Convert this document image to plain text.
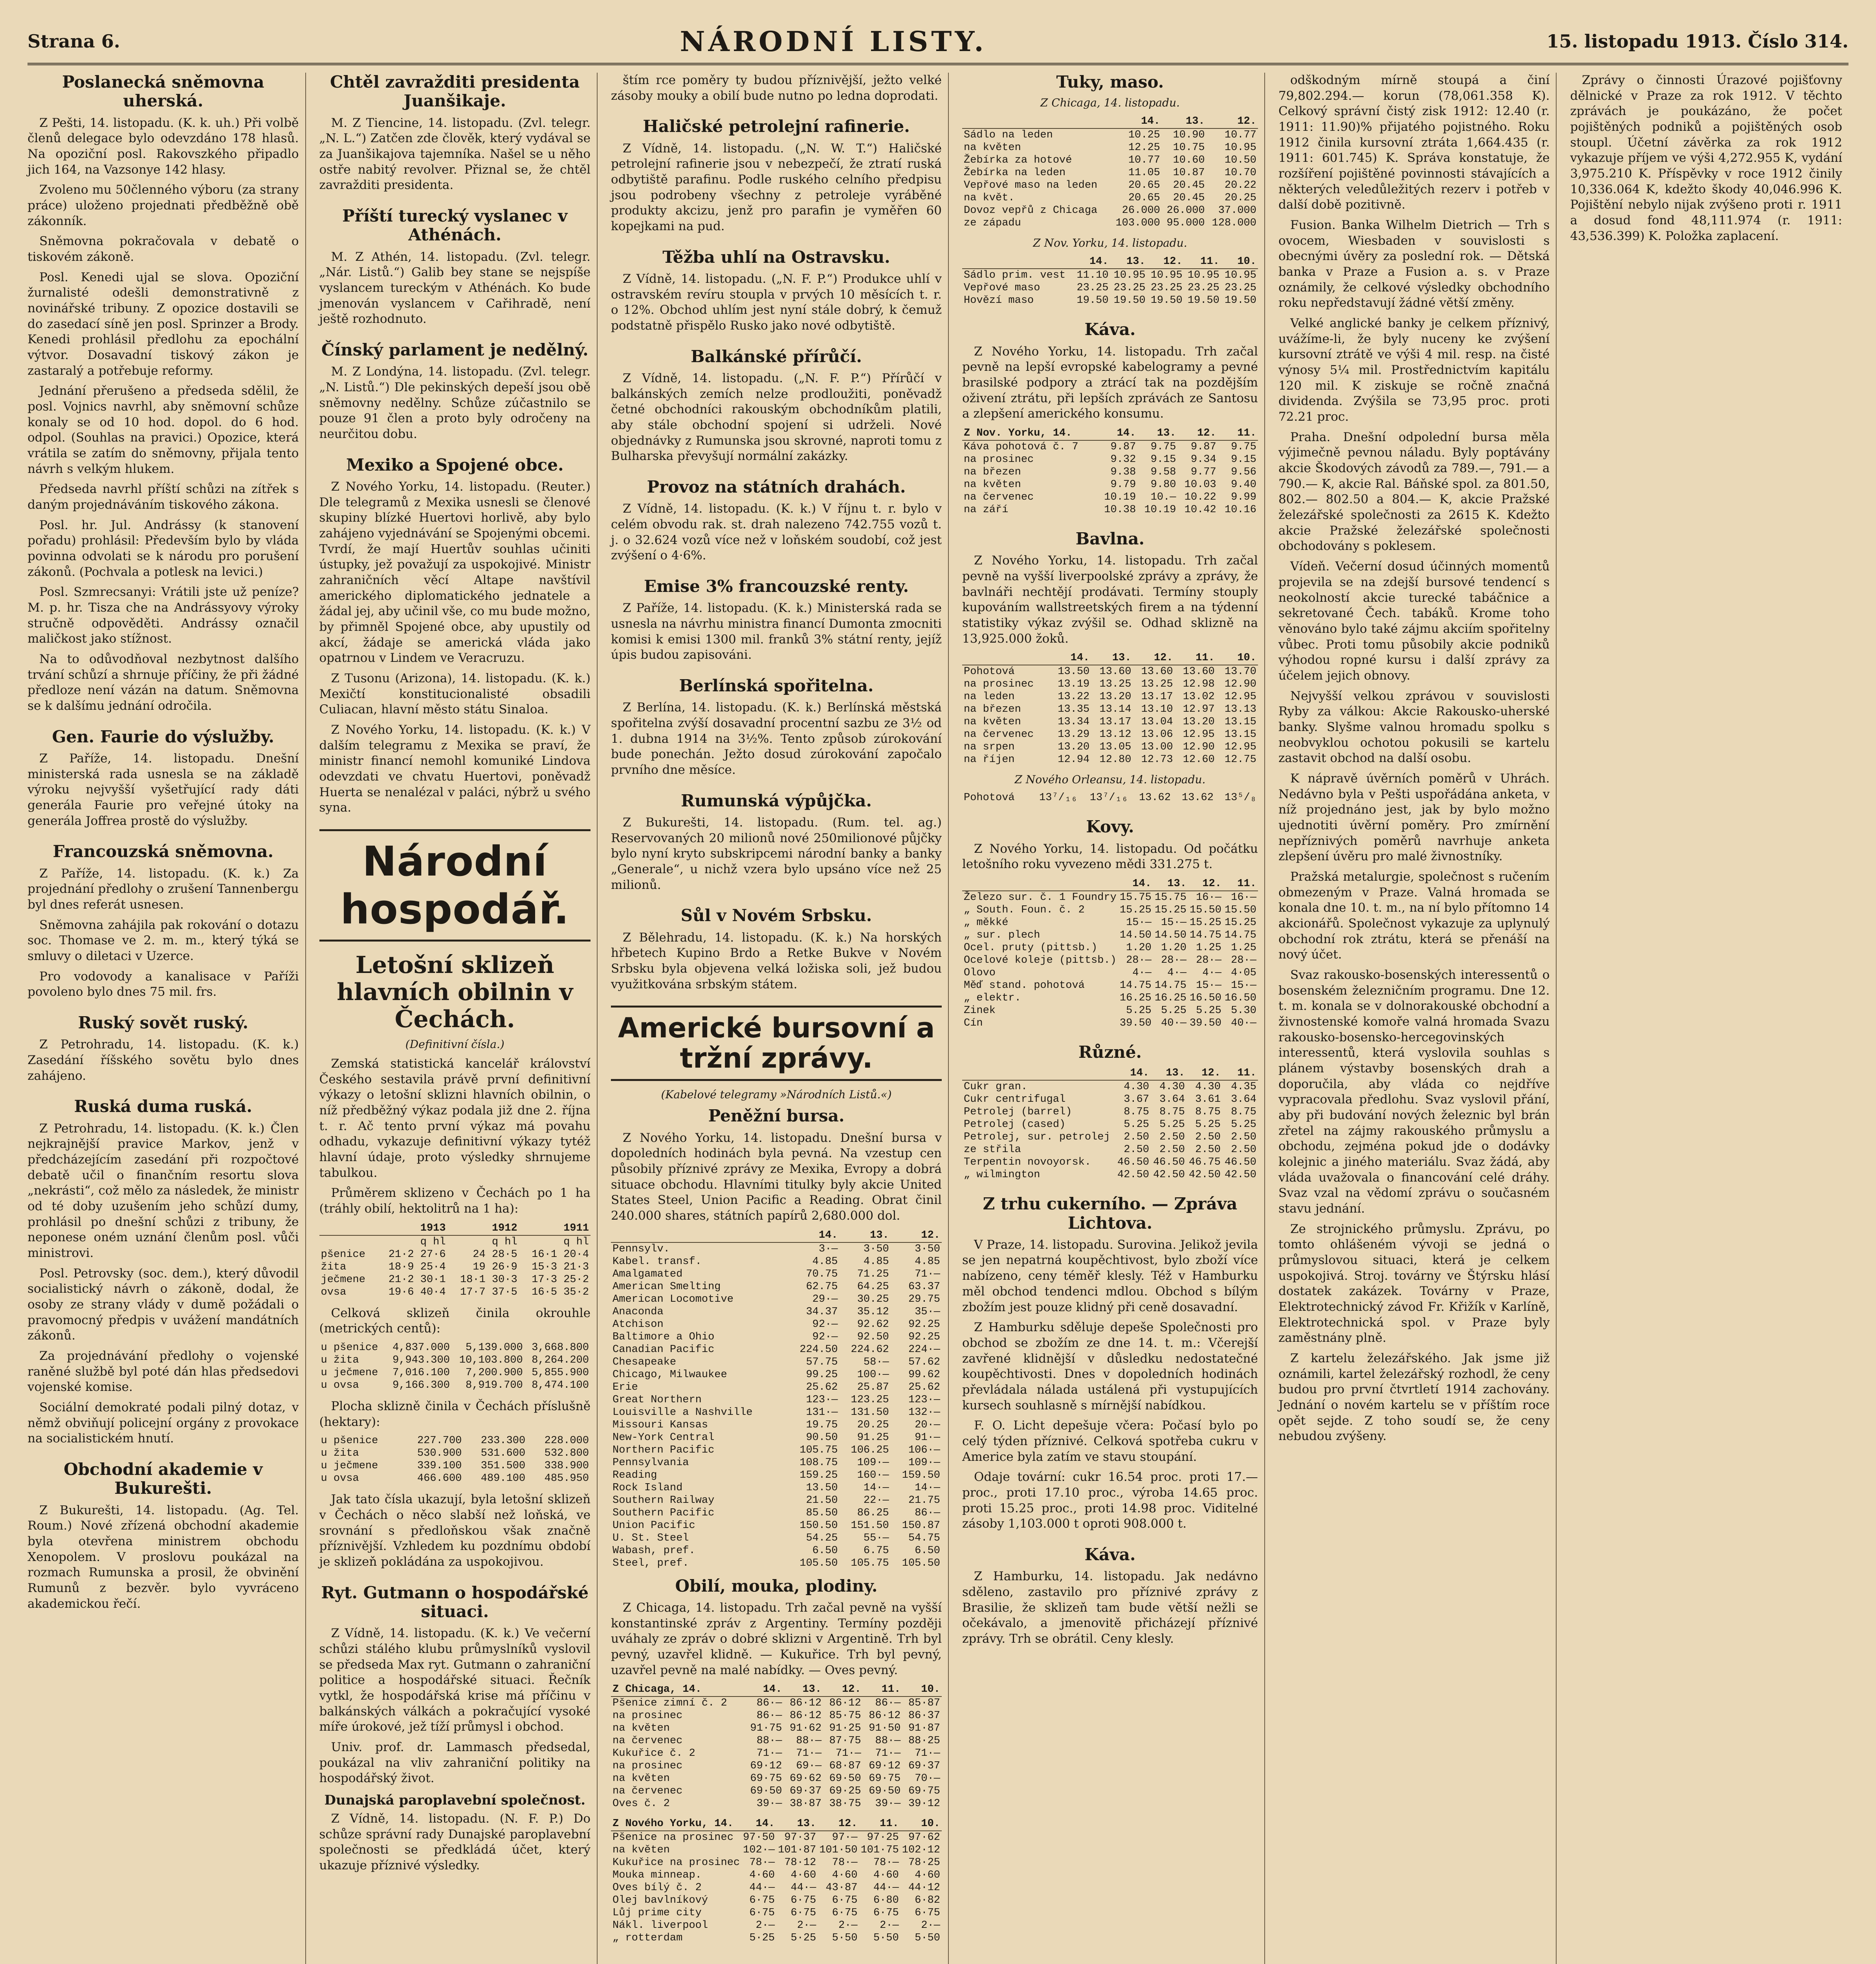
Strana 6.	NÁRODNÍ LISTY.	15. listopadu 1913. Číslo 314.
Poslanecká sněmovna uherská.

Z Pešti, 14. listopadu. (K. k. uh.) Při volbě členů delegace bylo odevzdáno 178 hlasů. Na opoziční posl. Rakovszkého připadlo jich 164, na Vazsonye 142 hlasy.

Zvoleno mu 50členného výboru (za strany práce) uloženo projednati předběžně obě zákonník.

Sněmovna pokračovala v debatě o tiskovém zákoně.

Posl. Kenedi ujal se slova. Opoziční žurnalisté odešli demonstrativně z novinářské tribuny. Z opozice dostavili se do zasedací síně jen posl. Sprinzer a Brody. Kenedi prohlásil předlohu za epochální výtvor. Dosavadní tiskový zákon je zastaralý a potřebuje reformy.

Jednání přerušeno a předseda sdělil, že posl. Vojnics navrhl, aby sněmovní schůze konaly se od 10 hod. dopol. do 6 hod. odpol. (Souhlas na pravici.) Opozice, která vrátila se zatím do sněmovny, přijala tento návrh s velkým hlukem.

Předseda navrhl příští schůzi na zítřek s daným projednáváním tiskového zákona.

Posl. hr. Jul. Andrássy (k stanovení pořadu) prohlásil: Především bylo by vláda povinna odvolati se k národu pro porušení zákonů. (Pochvala a potlesk na levici.)

Posl. Szmrecsanyi: Vrátili jste už peníze? M. p. hr. Tisza che na Andrássyovy výroky stručně odpověděti. Andrássy označil maličkost jako stížnost.

Na to odůvodňoval nezbytnost dalšího trvání schůzí a shrnuje příčiny, že při žádné předloze není vázán na datum. Sněmovna se k dalšímu jednání odročila.

Gen. Faurie do výslužby.

Z Paříže, 14. listopadu. Dnešní ministerská rada usnesla se na základě výroku nejvyšší vyšetřující rady dáti generála Faurie pro veřejné útoky na generála Joffrea prostě do výslužby.

Francouzská sněmovna.

Z Paříže, 14. listopadu. (K. k.) Za projednání předlohy o zrušení Tannenbergu byl dnes referát usnesen.

Sněmovna zahájila pak rokování o dotazu soc. Thomase ve 2. m. m., který týká se smluvy o diletaci v Uzerce.

Pro vodovody a kanalisace v Paříži povoleno bylo dnes 75 mil. frs.

Ruský sovět ruský.

Z Petrohradu, 14. listopadu. (K. k.) Zasedání říšského sovětu bylo dnes zahájeno.

Ruská duma ruská.

Z Petrohradu, 14. listopadu. (K. k.) Člen nejkrajnější pravice Markov, jenž v předcházejícím zasedání při rozpočtové debatě učil o finančním resortu slova „nekrásti“, což mělo za následek, že ministr od té doby uzušením jeho schůzí dumy, prohlásil po dnešní schůzi z tribuny, že neponese oném uznání členům posl. vůči ministrovi.

Posl. Petrovsky (soc. dem.), který důvodil socialistický návrh o zákoně, dodal, že osoby ze strany vlády v dumě požádali o pravomocný předpis v uvážení mandátních zákonů.

Za projednávání předlohy o vojenské raněné službě byl poté dán hlas předsedovi vojenské komise.

Sociální demokraté podali pilný dotaz, v němž obviňují policejní orgány z provokace na socialistickém hnutí.

Obchodní akademie v Bukurešti.

Z Bukurešti, 14. listopadu. (Ag. Tel. Roum.) Nové zřízená obchodní akademie byla otevřena ministrem obchodu Xenopolem. V proslovu poukázal na rozmach Rumunska a prosil, že obvinění Rumunů z bezvěr. bylo vyvráceno akademickou řečí.

Chtěl zavražditi presidenta Juanšikaje.

M. Z Tiencine, 14. listopadu. (Zvl. telegr. „N. L.“) Zatčen zde člověk, který vydával se za Juanšikajova tajemníka. Našel se u něho ostře nabitý revolver. Přiznal se, že chtěl zavražditi presidenta.

Příští turecký vyslanec v Athénách.

M. Z Athén, 14. listopadu. (Zvl. telegr. „Nár. Listů.“) Galib bey stane se nejspíše vyslancem tureckým v Athénách. Ko bude jmenován vyslancem v Cařihradě, není ještě rozhodnuto.

Čínský parlament je nedělný.

M. Z Londýna, 14. listopadu. (Zvl. telegr. „N. Listů.“) Dle pekinských depeší jsou obě sněmovny nedělny. Schůze zúčastnilo se pouze 91 člen a proto byly odročeny na neurčitou dobu.

Mexiko a Spojené obce.

Z Nového Yorku, 14. listopadu. (Reuter.) Dle telegramů z Mexika usnesli se členové skupiny blízké Huertovi horlivě, aby bylo zahájeno vyjednávání se Spojenými obcemi. Tvrdí, že mají Huertův souhlas učiniti ústupky, jež považují za uspokojivé. Ministr zahraničních věcí Altape navštívil amerického diplomatického jednatele a žádal jej, aby učinil vše, co mu bude možno, by přimněl Spojené obce, aby upustily od akcí, žádaje se americká vláda jako opatrnou v Lindem ve Veracruzu.

Z Tusonu (Arizona), 14. listopadu. (K. k.) Mexičtí konstitucionalisté obsadili Culiacan, hlavní město státu Sinaloa.

Z Nového Yorku, 14. listopadu. (K. k.) V dalším telegramu z Mexika se praví, že ministr financí nemohl komuniké Lindova odevzdati ve chvatu Huertovi, poněvadž Huerta se nenalézal v paláci, nýbrž u svého syna.

Národní hospodář.
Letošní sklizeň hlavních obilnin v Čechách.
(Definitivní čísla.)

Zemská statistická kancelář království Českého sestavila právě první definitivní výkazy o letošní sklizni hlavních obilnin, o níž předběžný výkaz podala již dne 2. října t. r. Ač tento první výkaz má povahu odhadu, vykazuje definitivní výkazy tytéž hlavní údaje, proto výsledky shrnujeme tabulkou.

Průměrem sklizeno v Čechách po 1 ha (tráhly obilí, hektolitrů na 1 ha):

	1913	1912	1911
	q hl	q hl	q hl
pšenice	21·2 27·6	24 28·5	16·1 20·4
žita	18·9 25·4	19 26·9	15·3 21·3
ječmene	21·2 30·1	18·1 30·3	17·3 25·2
ovsa	19·6 40·4	17·7 37·5	16·5 35·2

Celková sklizeň činila okrouhle (metrických centů):

u pšenice	4,837.000	5,139.000	3,668.800
u žita	9,943.300	10,103.800	8,264.200
u ječmene	7,016.100	7,200.900	5,855.900
u ovsa	9,166.300	8,919.700	8,474.100

Plocha sklizně činila v Čechách příslušně (hektary):

u pšenice	227.700	233.300	228.000
u žita	530.900	531.600	532.800
u ječmene	339.100	351.500	338.900
u ovsa	466.600	489.100	485.950

Jak tato čísla ukazují, byla letošní sklizeň v Čechách o něco slabší než loňská, ve srovnání s předloňskou však značně příznivější. Vzhledem ku pozdnímu období je sklizeň pokládána za uspokojivou.

Ryt. Gutmann o hospodářské situaci.

Z Vídně, 14. listopadu. (K. k.) Ve večerní schůzi stálého klubu průmyslníků vyslovil se předseda Max ryt. Gutmann o zahraniční politice a hospodářské situaci. Řečník vytkl, že hospodářská krise má příčinu v balkánských válkách a pokračující vysoké míře úrokové, jež tíží průmysl i obchod.

Univ. prof. dr. Lammasch předsedal, poukázal na vliv zahraniční politiky na hospodářský život.

Dunajská paroplavební společnost.

Z Vídně, 14. listopadu. (N. F. P.) Do schůze správní rady Dunajské paroplavební společnosti se předkládá účet, který ukazuje příznivé výsledky.

štím rce poměry ty budou příznivější, ježto velké zásoby mouky a obilí bude nutno po ledna doprodati.

Haličské petrolejní rafinerie.

Z Vídně, 14. listopadu. („N. W. T.“) Haličské petrolejní rafinerie jsou v nebezpečí, že ztratí ruská odbytiště parafinu. Podle ruského celního předpisu jsou podrobeny všechny z petroleje vyráběné produkty akcizu, jenž pro parafin je vyměřen 60 kopejkami na pud.

Těžba uhlí na Ostravsku.

Z Vídně, 14. listopadu. („N. F. P.“) Produkce uhlí v ostravském revíru stoupla v prvých 10 měsících t. r. o 12%. Obchod uhlím jest nyní stále dobrý, k čemuž podstatně přispělo Rusko jako nové odbytiště.

Balkánské přírůčí.

Z Vídně, 14. listopadu. („N. F. P.“) Přírůčí v balkánských zemích nelze prodloužiti, poněvadž četné obchodníci rakouským obchodníkům platili, aby stále obchodní spojení si udrželi. Nové objednávky z Rumunska jsou skrovné, naproti tomu z Bulharska převyšují normální zakázky.

Provoz na státních drahách.

Z Vídně, 14. listopadu. (K. k.) V říjnu t. r. bylo v celém obvodu rak. st. drah nalezeno 742.755 vozů t. j. o 32.624 vozů více než v loňském soudobí, což jest zvýšení o 4·6%.

Emise 3% francouzské renty.

Z Paříže, 14. listopadu. (K. k.) Ministerská rada se usnesla na návrhu ministra financí Dumonta zmocniti komisi k emisi 1300 mil. franků 3% státní renty, jejíž úpis budou zapisováni.

Berlínská spořitelna.

Z Berlína, 14. listopadu. (K. k.) Berlínská městská spořitelna zvýší dosavadní procentní sazbu ze 3½ od 1. dubna 1914 na 3½%. Tento způsob zúrokování bude ponechán. Ježto dosud zúrokování započalo prvního dne měsíce.

Rumunská výpůjčka.

Z Bukurešti, 14. listopadu. (Rum. tel. ag.) Reservovaných 20 milionů nové 250milionové půjčky bylo nyní kryto subskripcemi národní banky a banky „Generale“, u nichž vzera bylo upsáno více než 25 milionů.

Sůl v Novém Srbsku.

Z Bělehradu, 14. listopadu. (K. k.) Na horských hřbetech Kupino Brdo a Retke Bukve v Novém Srbsku byla objevena velká ložiska soli, jež budou využitkována srbským státem.

Americké bursovní a tržní zprávy.
(Kabelové telegramy »Národních Listů.«)
Peněžní bursa.

Z Nového Yorku, 14. listopadu. Dnešní bursa v dopoledních hodinách byla pevná. Na vzestup cen působily příznivé zprávy ze Mexika, Evropy a dobrá situace obchodu. Hlavními titulky byly akcie United States Steel, Union Pacific a Reading. Obrat činil 240.000 shares, státních papírů 2,680.000 dol.

	14.	13.	12.
Pennsylv.	3·—	3·50	3·50
Kabel. transf.	4.85	4.85	4.85
Amalgamated	70.75	71.25	71·—
American Smelting	62.75	64.25	63.37
American Locomotive	29·—	30.25	29.75
Anaconda	34.37	35.12	35·—
Atchison	92·—	92.62	92.25
Baltimore a Ohio	92·—	92.50	92.25
Canadian Pacific	224.50	224.62	224·—
Chesapeake	57.75	58·—	57.62
Chicago, Milwaukee	99.25	100·—	99.62
Erie	25.62	25.87	25.62
Great Northern	123·—	123.25	123·—
Louisville a Nashville	131·—	131.50	132·—
Missouri Kansas	19.75	20.25	20·—
New-York Central	90.50	91.25	91·—
Northern Pacific	105.75	106.25	106·—
Pennsylvania	108.75	109·—	109·—
Reading	159.25	160·—	159.50
Rock Island	13.50	14·—	14·—
Southern Railway	21.50	22·—	21.75
Southern Pacific	85.50	86.25	86·—
Union Pacific	150.50	151.50	150.87
U. St. Steel	54.25	55·—	54.75
Wabash, pref.	6.50	6.75	6.50
Steel, pref.	105.50	105.75	105.50
Obilí, mouka, plodiny.

Z Chicaga, 14. listopadu. Trh začal pevně na vyšší konstantinské zpráv z Argentiny. Termíny později uváhaly ze zpráv o dobré sklizni v Argentině. Trh byl pevný, uzavřel klidně. — Kukuřice. Trh byl pevný, uzavřel pevně na malé nabídky. — Oves pevný.

Z Chicaga, 14.	14.	13.	12.	11.	10.
Pšenice zimní č. 2	86·—	86·12	86·12	86·—	85·87
na prosinec	86·—	86·12	85·75	86·12	86·37
na květen	91·75	91·62	91·25	91·50	91·87
na červenec	88·—	88·—	87·75	88·—	88·25
Kukuřice č. 2	71·—	71·—	71·—	71·—	71·—
na prosinec	69·12	69·—	68·87	69·12	69·37
na květen	69·75	69·62	69·50	69·75	70·—
na červenec	69·50	69·37	69·25	69·50	69·75
Oves č. 2	39·—	38·87	38·75	39·—	39·12
Z Nového Yorku, 14.	14.	13.	12.	11.	10.
Pšenice na prosinec	97·50	97·37	97·—	97·25	97·62
na květen	102·—	101·87	101·50	101·75	102·12
Kukuřice na prosinec	78·—	78·12	78·—	78·—	78·25
Mouka minneap.	4·60	4·60	4·60	4·60	4·60
Oves bílý č. 2	44·—	44·—	43·87	44·—	44·12
Olej bavlníkový	6·75	6·75	6·75	6·80	6·82
Lůj prime city	6·75	6·75	6·75	6·75	6·75
Nákl. liverpool	2·—	2·—	2·—	2·—	2·—
„ rotterdam	5·25	5·25	5·50	5·50	5·50
Tuky, maso.
Z Chicaga, 14. listopadu.
	14.	13.	12.
Sádlo na leden	10.25	10.90	10.77
na květen	12.25	10.75	10.95
Žebírka za hotové	10.77	10.60	10.50
Žebírka na leden	11.05	10.87	10.70
Vepřové maso na leden	20.65	20.45	20.22
na květ.	20.65	20.45	20.25
Dovoz vepřů z Chicaga	26.000	26.000	37.000
ze západu	103.000	95.000	128.000
Z Nov. Yorku, 14. listopadu.
	14.	13.	12.	11.	10.
Sádlo prim. vest	11.10	10.95	10.95	10.95	10.95
Vepřové maso	23.25	23.25	23.25	23.25	23.25
Hovězí maso	19.50	19.50	19.50	19.50	19.50
Káva.

Z Nového Yorku, 14. listopadu. Trh začal pevně na lepší evropské kabelogramy a pevné brasilské podpory a ztrácí tak na pozdějším oživení ztrátu, při lepších zprávách ze Santosu a zlepšení amerického konsumu.

Z Nov. Yorku, 14.	14.	13.	12.	11.
Káva pohotová č. 7	9.87	9.75	9.87	9.75
na prosinec	9.32	9.15	9.34	9.15
na březen	9.38	9.58	9.77	9.56
na květen	9.79	9.80	10.03	9.40
na červenec	10.19	10.—	10.22	9.99
na září	10.38	10.19	10.42	10.16
Bavlna.

Z Nového Yorku, 14. listopadu. Trh začal pevně na vyšší liverpoolské zprávy a zprávy, že bavlnáři nechtějí prodávati. Termíny stouply kupováním wallstreetských firem a na týdenní statistiky výkaz zvýšil se. Odhad sklizně na 13,925.000 žoků.

	14.	13.	12.	11.	10.
Pohotová	13.50	13.60	13.60	13.60	13.70
na prosinec	13.19	13.25	13.25	12.98	12.90
na leden	13.22	13.20	13.17	13.02	12.95
na březen	13.35	13.14	13.10	12.97	13.13
na květen	13.34	13.17	13.04	13.20	13.15
na červenec	13.29	13.12	13.06	12.95	13.15
na srpen	13.20	13.05	13.00	12.90	12.95
na říjen	12.94	12.80	12.73	12.60	12.75
Z Nového Orleansu, 14. listopadu.
Pohotová	13⁷/₁₆	13⁷/₁₆	13.62	13.62	13⁵/₈
Kovy.

Z Nového Yorku, 14. listopadu. Od počátku letošního roku vyvezeno mědi 331.275 t.

	14.	13.	12.	11.
Železo sur. č. 1 Foundry	15.75	15.75	16·—	16·—
„ South. Foun. č. 2	15.25	15.25	15.50	15.50
„ měkké	15·—	15·—	15.25	15.25
„ sur. plech	14.50	14.50	14.75	14.75
Ocel. pruty (pittsb.)	1.20	1.20	1.25	1.25
Ocelové koleje (pittsb.)	28·—	28·—	28·—	28·—
Olovo	4·—	4·—	4·—	4·05
Měď stand. pohotová	14.75	14.75	15·—	15·—
„ elektr.	16.25	16.25	16.50	16.50
Zinek	5.25	5.25	5.25	5.30
Cín	39.50	40·—	39.50	40·—
Různé.
	14.	13.	12.	11.
Cukr gran.	4.30	4.30	4.30	4.35
Cukr centrifugal	3.67	3.64	3.61	3.64
Petrolej (barrel)	8.75	8.75	8.75	8.75
Petrolej (cased)	5.25	5.25	5.25	5.25
Petrolej, sur. petrolej	2.50	2.50	2.50	2.50
ze střila	2.50	2.50	2.50	2.50
Terpentin novoyorsk.	46.50	46.50	46.75	46.50
„ wilmington	42.50	42.50	42.50	42.50
Z trhu cukerního. — Zpráva Lichtova.

V Praze, 14. listopadu. Surovina. Jelikož jevila se jen nepatrná koupěchtivost, bylo zboží více nabízeno, ceny téměř klesly. Též v Hamburku měl obchod tendenci mdlou. Obchod s bílým zbožím jest pouze klidný při ceně dosavadní.

Z Hamburku sděluje depeše Společnosti pro obchod se zbožím ze dne 14. t. m.: Včerejší zavřené klidnější v důsledku nedostatečné koupěchtivosti. Dnes v dopoledních hodinách převládala nálada ustálená při vystupujících kursech souhlasně s mírnější nabídkou.

F. O. Licht depešuje včera: Počasí bylo po celý týden příznivé. Celková spotřeba cukru v Americe byla zatím ve stavu stoupání.

Odaje tovární: cukr 16.54 proc. proti 17.— proc., proti 17.10 proc., výroba 14.65 proc. proti 15.25 proc., proti 14.98 proc. Viditelné zásoby 1,103.000 t oproti 908.000 t.

Káva.

Z Hamburku, 14. listopadu. Jak nedávno sděleno, zastavilo pro příznivé zprávy z Brasilie, že sklizeň tam bude větší nežli se očekávalo, a jmenovitě přicházejí příznivé zprávy. Trh se obrátil. Ceny klesly.

odškodným mírně stoupá a činí 79,802.294.— korun (78,061.358 K). Celkový správní čistý zisk 1912: 12.40 (r. 1911: 11.90)% přijatého pojistného. Roku 1912 činila kursovní ztráta 1,664.435 (r. 1911: 601.745) K. Správa konstatuje, že rozšíření pojištěné povinnosti stávajících a některých veledůležitých rezerv i potřeb v další době pozitivně.

Fusion. Banka Wilhelm Dietrich — Trh s ovocem, Wiesbaden v souvislosti s obecnými úvěry za poslední rok. — Dětská banka v Praze a Fusion a. s. v Praze oznámily, že celkové výsledky obchodního roku nepředstavují žádné větší změny.

Velké anglické banky je celkem příznivý, uvážíme-li, že byly nuceny ke zvýšení kursovní ztrátě ve výši 4 mil. resp. na čisté výnosy 5¼ mil. Prostřednictvím kapitálu 120 mil. K ziskuje se ročně značná dividenda. Zvýšila se 73,95 proc. proti 72.21 proc.

Praha. Dnešní odpolední bursa měla výjimečně pevnou náladu. Byly poptávány akcie Škodových závodů za 789.—, 791.— a 790.— K, akcie Ral. Báňské spol. za 801.50, 802.— 802.50 a 804.— K, akcie Pražské železářské společnosti za 2615 K. Kdežto akcie Pražské železářské společnosti obchodovány s poklesem.

Vídeň. Večerní dosud účinných momentů projevila se na zdejší bursové tendencí s neokolností akcie turecké tabáčnice a sekretované Čech. tabáků. Krome toho věnováno bylo také zájmu akciím spořitelny vůbec. Proti tomu působily akcie podniků výhodou ropné kursu i další zprávy za účelem jejich obnovy.

Nejvyšší velkou zprávou v souvislosti Ryby za válkou: Akcie Rakousko-uherské banky. Slyšme valnou hromadu spolku s neobvyklou ochotou pokusili se kartelu zastavit obchod na další osobu.

K nápravě úvěrních poměrů v Uhrách. Nedávno byla v Pešti uspořádána anketa, v níž projednáno jest, jak by bylo možno ujednotiti úvěrní poměry. Pro zmírnění nepříznivých poměrů navrhuje anketa zlepšení úvěru pro malé živnostníky.

Pražská metalurgie, společnost s ručením obmezeným v Praze. Valná hromada se konala dne 10. t. m., na ní bylo přítomno 14 akcionářů. Společnost vykazuje za uplynulý obchodní rok ztrátu, která se přenáší na nový účet.

Svaz rakousko-bosenských interessentů o bosenském železničním programu. Dne 12. t. m. konala se v dolnorakouské obchodní a živnostenské komoře valná hromada Svazu rakousko-bosensko-hercegovinských interessentů, která vyslovila souhlas s plánem výstavby bosenských drah a doporučila, aby vláda co nejdříve vypracovala předlohu. Svaz vyslovil přání, aby při budování nových železnic byl brán zřetel na zájmy rakouského průmyslu a obchodu, zejména pokud jde o dodávky kolejnic a jiného materiálu. Svaz žádá, aby vláda uvažovala o financování celé dráhy. Svaz vzal na vědomí zprávu o současném stavu jednání.

Ze strojnického průmyslu. Zprávu, po tomto ohlášeném vývoji se jedná o průmyslovou situaci, která je celkem uspokojivá. Stroj. továrny ve Štýrsku hlásí dostatek zakázek. Továrny v Praze, Elektrotechnický závod Fr. Křižík v Karlíně, Elektrotechnická spol. v Praze byly zaměstnány plně.

Z kartelu železářského. Jak jsme již oznámili, kartel železářský rozhodl, že ceny budou pro první čtvrtletí 1914 zachovány. Jednání o novém kartelu se v příštím roce opět sejde. Z toho soudí se, že ceny nebudou zvýšeny.

Zprávy o činnosti Úrazové pojišťovny dělnické v Praze za rok 1912. V těchto zprávách je poukázáno, že počet pojištěných podniků a pojištěných osob stoupl. Účetní závěrka za rok 1912 vykazuje příjem ve výši 4,272.955 K, vydání 3,975.210 K. Příspěvky v roce 1912 činily 10,336.064 K, kdežto škody 40,046.996 K. Pojištění nebylo nijak zvýšeno proti r. 1911 a dosud fond 48,111.974 (r. 1911: 43,536.399) K. Položka zaplacení.
